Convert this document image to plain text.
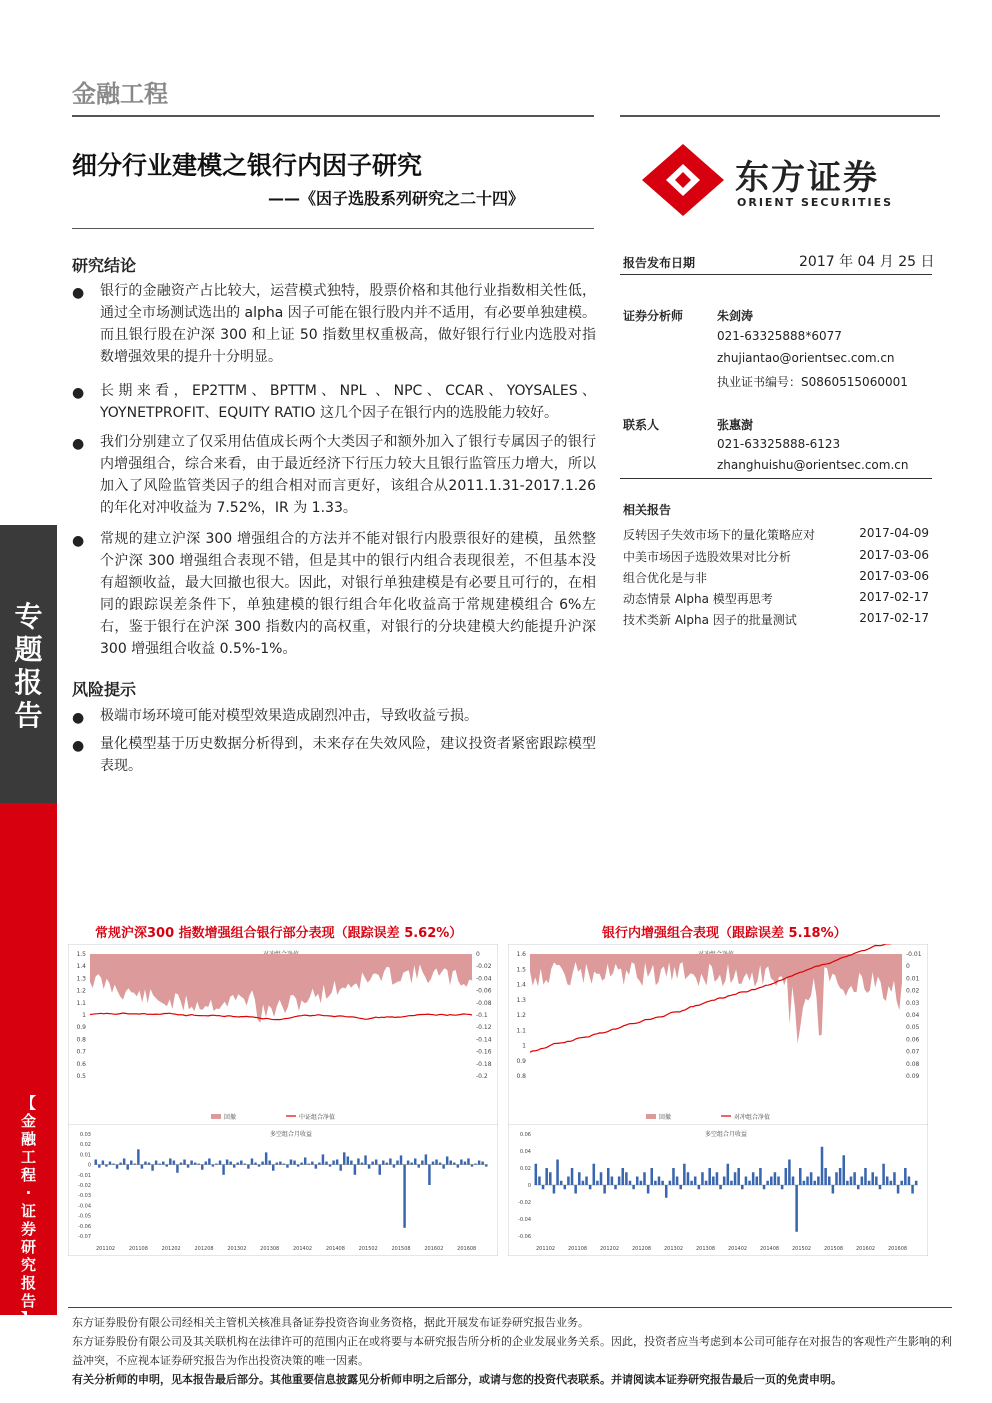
专
题
报
告
【
金
融
工
程
·
证
券
研
究
报
告
】
金融工程
细分行业建模之银行内因子研究
——《因子选股系列研究之二十四》
东方证券
ORIENT SECURITIES
研究结论
●	银行的金融资产占比较大，运营模式独特，股票价格和其他行业指数相关性低，通过全市场测试选出的 alpha 因子可能在银行股内并不适用，有必要单独建模。而且银行股在沪深 300 和上证 50 指数里权重极高，做好银行行业内选股对指数增强效果的提升十分明显。
●	长期来看，EP2TTM、BPTTM、NPL 、NPC、CCAR、YOYSALES、YOYNETPROFIT、EQUITY RATIO 这几个因子在银行内的选股能力较好。
●	我们分别建立了仅采用估值成长两个大类因子和额外加入了银行专属因子的银行内增强组合，综合来看，由于最近经济下行压力较大且银行监管压力增大，所以加入了风险监管类因子的组合相对而言更好，该组合从2011.1.31-2017.1.26 的年化对冲收益为 7.52%，IR 为 1.33。
●	常规的建立沪深 300 增强组合的方法并不能对银行内股票很好的建模，虽然整个沪深 300 增强组合表现不错，但是其中的银行内组合表现很差，不但基本没有超额收益，最大回撤也很大。因此，对银行单独建模是有必要且可行的，在相同的跟踪误差条件下，单独建模的银行组合年化收益高于常规建模组合 6%左右，鉴于银行在沪深 300 指数内的高权重，对银行的分块建模大约能提升沪深 300 增强组合收益 0.5%-1%。
风险提示
●	极端市场环境可能对模型效果造成剧烈冲击，导致收益亏损。
●	量化模型基于历史数据分析得到，未来存在失效风险，建议投资者紧密跟踪模型表现。
报告发布日期	2017 年 04 月 25 日
证券分析师	朱剑涛
021-63325888*6077
zhujiantao@orientsec.com.cn
执业证书编号：S0860515060001
联系人	张惠澍
021-63325888-6123
zhanghuishu@orientsec.com.cn
相关报告
反转因子失效市场下的量化策略应对	2017-04-09
中美市场因子选股效果对比分析	2017-03-06
组合优化是与非	2017-03-06
动态情景 Alpha 模型再思考	2017-02-17
技术类新 Alpha 因子的批量测试	2017-02-17
常规沪深300 指数增强组合银行部分表现（跟踪误差 5.62%）	银行内增强组合表现（跟踪误差 5.18%）
1.5
1.4
1.3
1.2
1.1
1
0.9
0.8
0.7
0.6
0.5
0
-0.02
-0.04
-0.06
-0.08
-0.1
-0.12
-0.14
-0.16
-0.18
-0.2
回撤	中证组合净值
1.6
1.5
1.4
1.3
1.2
1.1
1
0.9
0.8
-0.01
0
0.01
0.02
0.03
0.04
0.05
0.06
0.07
0.08
0.09
回撤	对冲组合净值
多空组合月收益
0.03
0.02
0.01
0
-0.01
-0.02
-0.03
-0.04
-0.05
-0.06
-0.07
201102	201108	201202	201208	201302	201308	201402	201408	201502	201508	201602	201608
多空组合月收益
0.06
0.04
0.02
0
-0.02
-0.04
-0.06
201102	201108	201202	201208	201302	201308	201402	201408	201502	201508	201602	201608
东方证券股份有限公司经相关主管机关核准具备证券投资咨询业务资格，据此开展发布证券研究报告业务。
东方证券股份有限公司及其关联机构在法律许可的范围内正在或将要与本研究报告所分析的企业发展业务关系。因此，投资者应当考虑到本公司可能存在对报告的客观性产生影响的利益冲突，不应视本证券研究报告为作出投资决策的唯一因素。
有关分析师的申明，见本报告最后部分。其他重要信息披露见分析师申明之后部分，或请与您的投资代表联系。并请阅读本证券研究报告最后一页的免责申明。
